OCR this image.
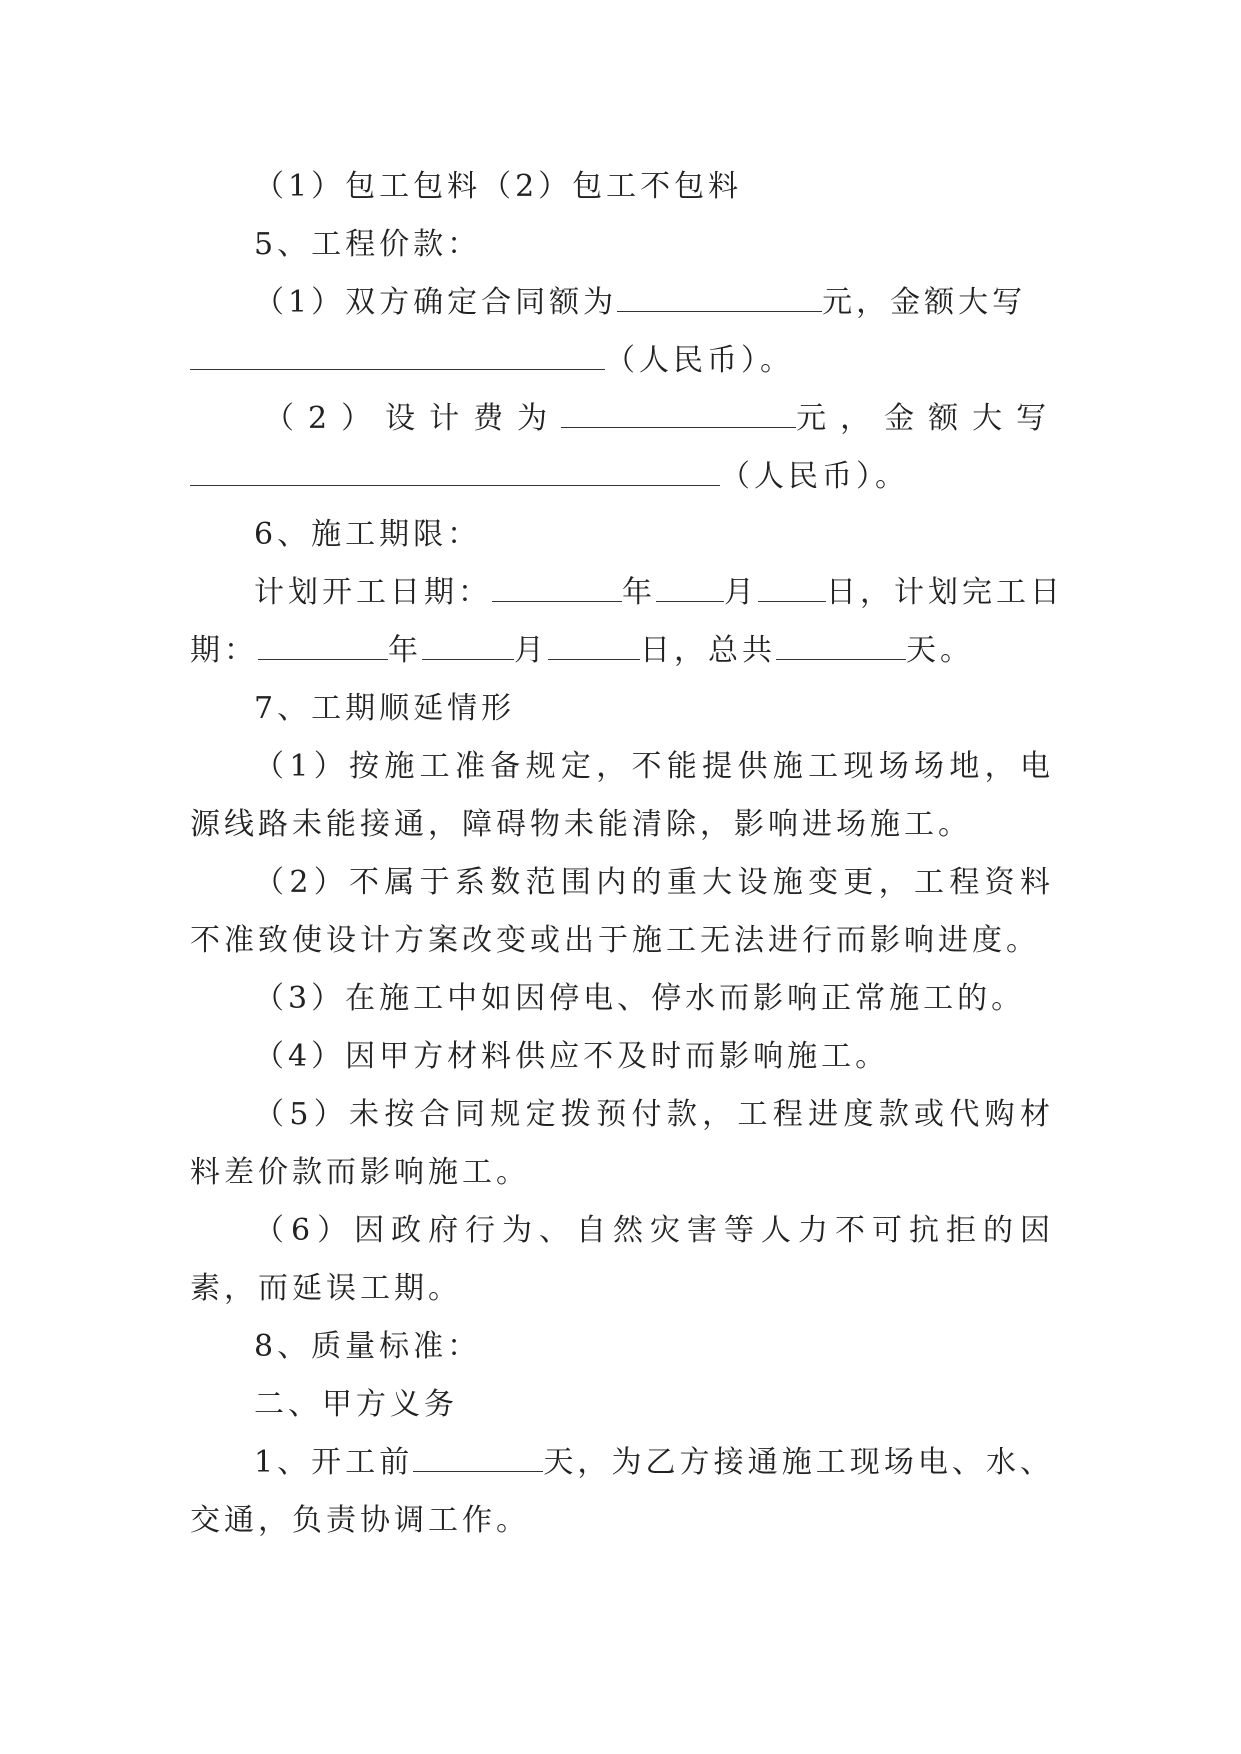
（1）包工包料（2）包工不包料

5、工程价款：

（1）双方确定合同额为	元，金额大写

（人民币）。

（2）设计费为	元，金额大写

（人民币）。

6、施工期限：

计划开工日期：	年 月 日，计划完工日

期：	年	月	日，总共	天。

7、工期顺延情形

（1）按施工准备规定，不能提供施工现场场地，电源线路未能接通，障碍物未能清除，影响进场施工。

（2）不属于系数范围内的重大设施变更，工程资料不准致使设计方案改变或出于施工无法进行而影响进度。

（3）在施工中如因停电、停水而影响正常施工的。

（4）因甲方材料供应不及时而影响施工。

（5）未按合同规定拨预付款，工程进度款或代购材料差价款而影响施工。

（6）因政府行为、自然灾害等人力不可抗拒的因素，而延误工期。

8、质量标准：

二、甲方义务

1、开工前	天，为乙方接通施工现场电、水、交通，负责协调工作。
